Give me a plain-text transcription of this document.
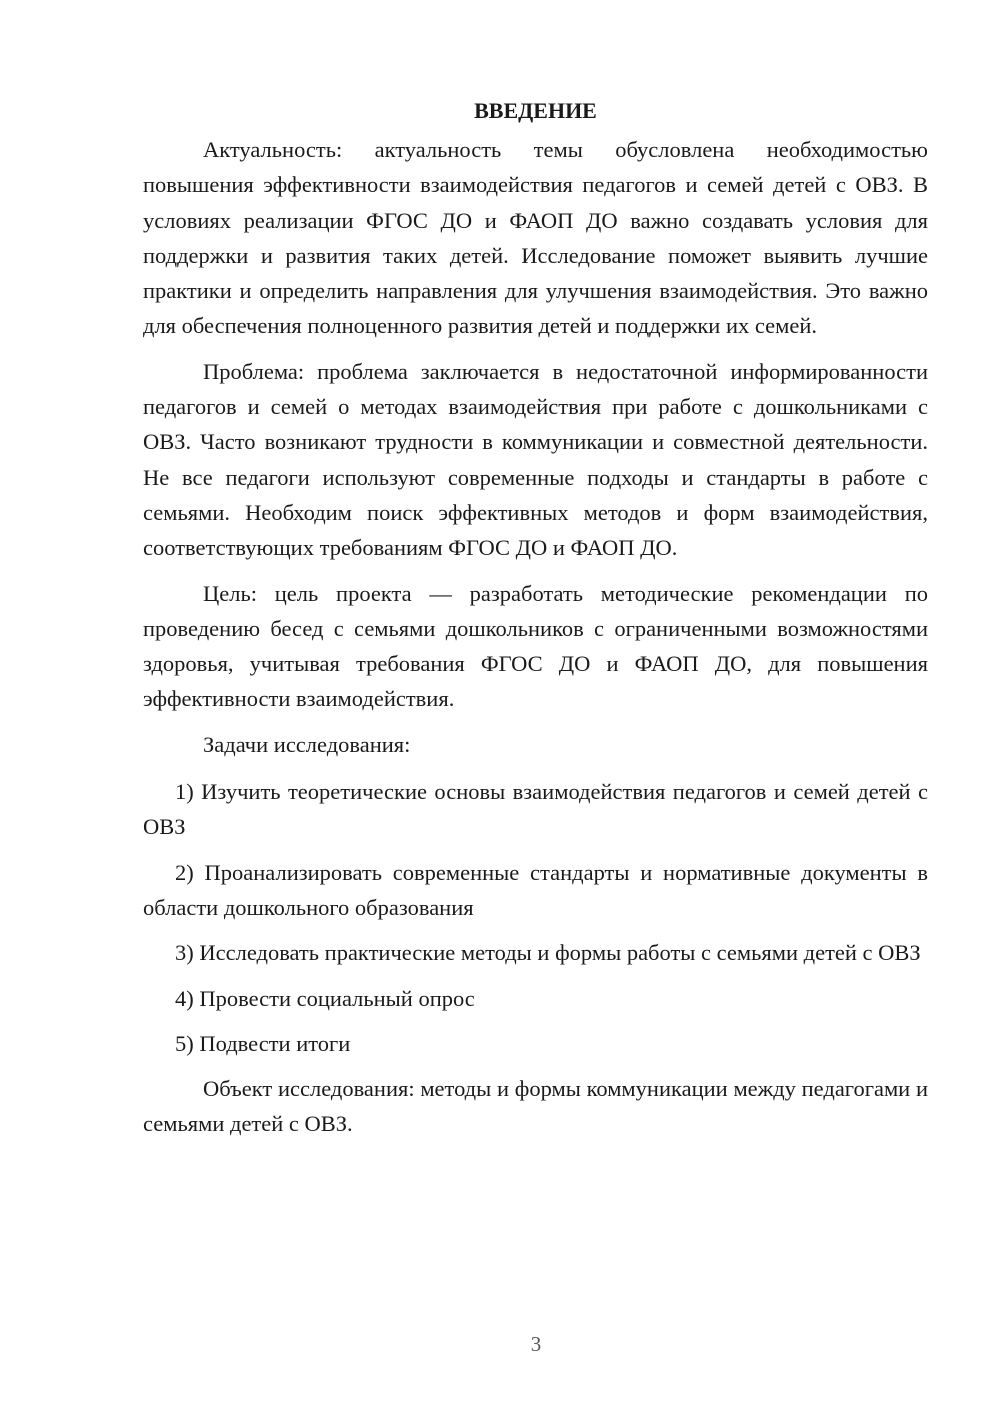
ВВЕДЕНИЕ

Актуальность: актуальность темы обусловлена необходимостью повышения эффективности взаимодействия педагогов и семей детей с ОВЗ. В условиях реализации ФГОС ДО и ФАОП ДО важно создавать условия для поддержки и развития таких детей. Исследование поможет выявить лучшие практики и определить направления для улучшения взаимодействия. Это важно для обеспечения полноценного развития детей и поддержки их семей.

Проблема: проблема заключается в недостаточной информированности педагогов и семей о методах взаимодействия при работе с дошкольниками с ОВЗ. Часто возникают трудности в коммуникации и совместной деятельности. Не все педагоги используют современные подходы и стандарты в работе с семьями. Необходим поиск эффективных методов и форм взаимодействия, соответствующих требованиям ФГОС ДО и ФАОП ДО.

Цель: цель проекта — разработать методические рекомендации по проведению бесед с семьями дошкольников с ограниченными возможностями здоровья, учитывая требования ФГОС ДО и ФАОП ДО, для повышения эффективности взаимодействия.

Задачи исследования:

1) Изучить теоретические основы взаимодействия педагогов и семей детей с ОВЗ

2) Проанализировать современные стандарты и нормативные документы в области дошкольного образования

3) Исследовать практические методы и формы работы с семьями детей с ОВЗ

4) Провести социальный опрос

5) Подвести итоги

Объект исследования: методы и формы коммуникации между педагогами и семьями детей с ОВЗ.

3
